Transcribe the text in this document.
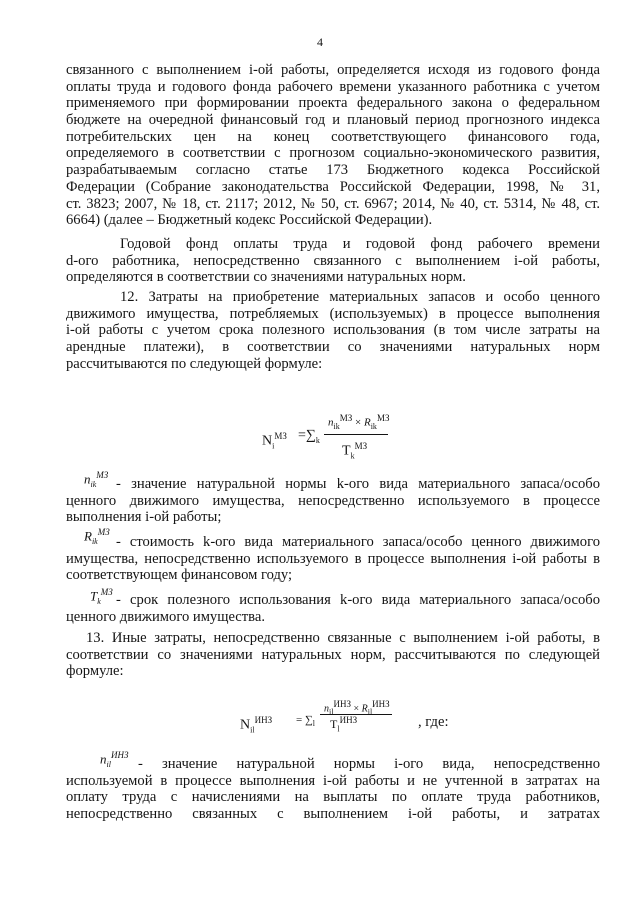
4
связанного с выполнением i-ой работы, определяется исходя из годового фонда
оплаты труда и годового фонда рабочего времени указанного работника с учетом
применяемого при формировании проекта федерального закона о федеральном
бюджете на очередной финансовый год и плановый период прогнозного индекса
потребительских цен на конец соответствующего финансового года,
определяемого в соответствии с прогнозом социально-экономического развития,
разрабатываемым согласно статье 173 Бюджетного кодекса Российской
Федерации (Собрание законодательства Российской Федерации, 1998, № 31,
ст. 3823; 2007, № 18, ст. 2117; 2012, № 50, ст. 6967; 2014, № 40, ст. 5314, № 48, ст.
6664) (далее – Бюджетный кодекс Российской Федерации).
Годовой фонд оплаты труда и годовой фонд рабочего времени
d-ого работника, непосредственно связанного с выполнением i-ой работы,
определяются в соответствии со значениями натуральных норм.
12. Затраты на приобретение материальных запасов и особо ценного
движимого имущества, потребляемых (используемых) в процессе выполнения
i-ой работы с учетом срока полезного использования (в том числе затраты на
арендные платежи), в соответствии со значениями натуральных норм
рассчитываются по следующей формуле:
$N_i^{МЗ} =\sum_k$
$n_{ik}^{МЗ} \times R_{ik}^{МЗ}$
$T_k^{МЗ}$
$n_{ik}^{МЗ}$
- значение натуральной нормы k-ого вида материального запаса/особо
ценного движимого имущества, непосредственно используемого в процессе
выполнения i-ой работы;
$R_{ik}^{МЗ}$
- стоимость k-ого вида материального запаса/особо ценного движимого
имущества, непосредственно используемого в процессе выполнения i-ой работы в
соответствующем финансовом году;
$T_k^{МЗ}$ - срок полезного использования k-ого вида материального запаса/особо
ценного движимого имущества.
13. Иные затраты, непосредственно связанные с выполнением i-ой работы, в
соответствии со значениями натуральных норм, рассчитываются по следующей
формуле:
$N_{il}^{ИНЗ} = \sum_l$
$n_{il}ИНЗ \times R_{il}ИНЗ$
$T_l^{ИНЗ}$	, где:
$n_{il}^{ИНЗ}$
- значение натуральной нормы i-ого вида, непосредственно
используемой в процессе выполнения i-ой работы и не учтенной в затратах на
оплату труда с начислениями на выплаты по оплате труда работников,
непосредственно связанных с выполнением i-ой работы, и затратах
